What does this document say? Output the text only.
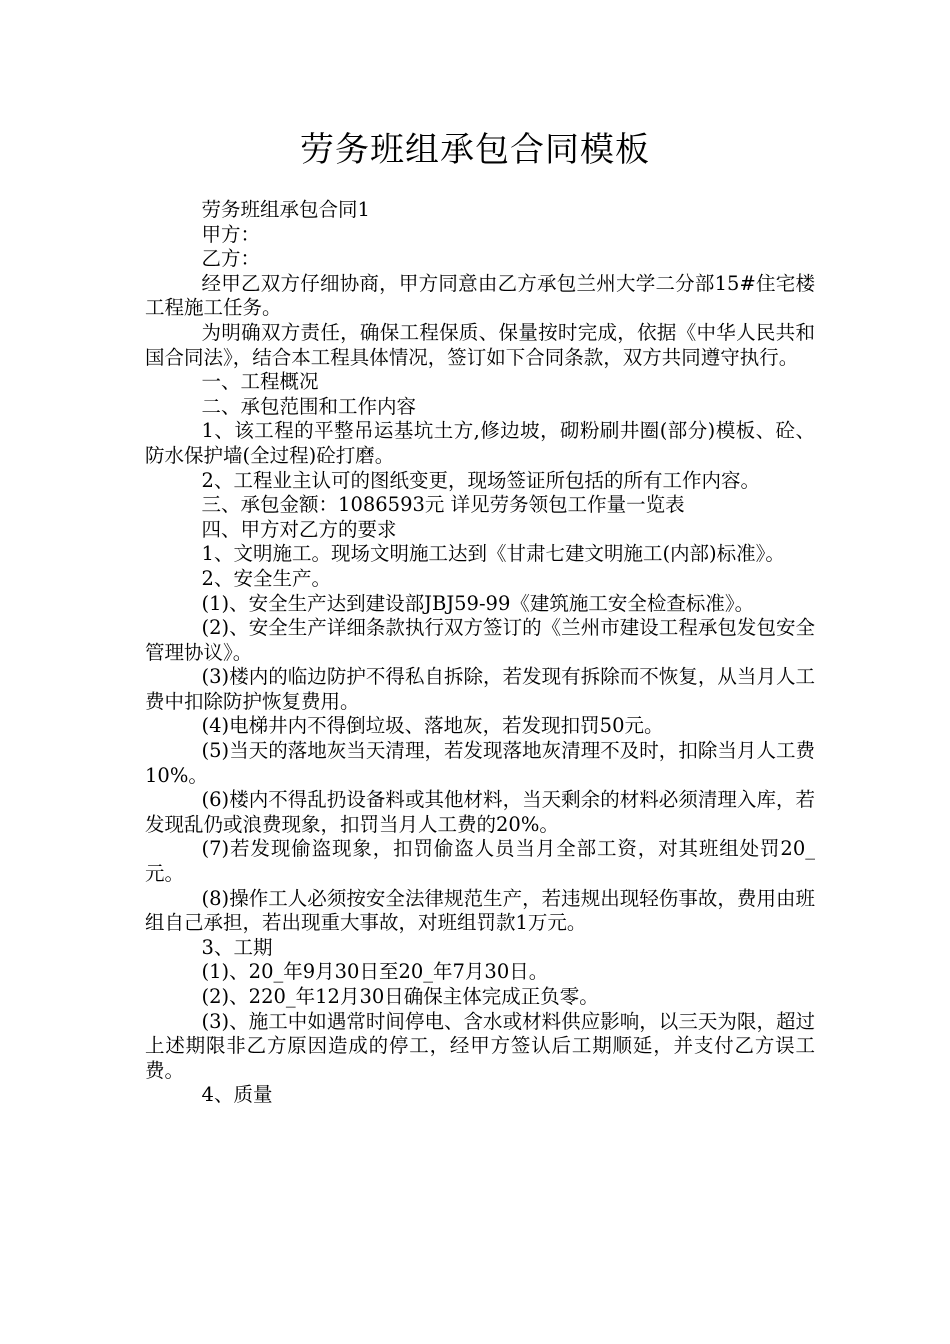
劳务班组承包合同模板

劳务班组承包合同1

甲方：

乙方：

经甲乙双方仔细协商，甲方同意由乙方承包兰州大学二分部15#住宅楼工程施工任务。

为明确双方责任，确保工程保质、保量按时完成，依据《中华人民共和国合同法》，结合本工程具体情况，签订如下合同条款，双方共同遵守执行。

一、工程概况

二、承包范围和工作内容

1、该工程的平整吊运基坑土方,修边坡，砌粉刷井圈(部分)模板、砼、防水保护墙(全过程)砼打磨。

2、工程业主认可的图纸变更，现场签证所包括的所有工作内容。

三、承包金额：1086593元 详见劳务领包工作量一览表

四、甲方对乙方的要求

1、文明施工。现场文明施工达到《甘肃七建文明施工(内部)标准》。

2、安全生产。

(1)、安全生产达到建设部JBJ59-99《建筑施工安全检查标准》。

(2)、安全生产详细条款执行双方签订的《兰州市建设工程承包发包安全管理协议》。

(3)楼内的临边防护不得私自拆除，若发现有拆除而不恢复，从当月人工费中扣除防护恢复费用。

(4)电梯井内不得倒垃圾、落地灰，若发现扣罚50元。

(5)当天的落地灰当天清理，若发现落地灰清理不及时，扣除当月人工费10%。

(6)楼内不得乱扔设备料或其他材料，当天剩余的材料必须清理入库，若发现乱仍或浪费现象，扣罚当月人工费的20%。

(7)若发现偷盗现象，扣罚偷盗人员当月全部工资，对其班组处罚20_元。

(8)操作工人必须按安全法律规范生产，若违规出现轻伤事故，费用由班组自己承担，若出现重大事故，对班组罚款1万元。

3、工期

(1)、20_年9月30日至20_年7月30日。

(2)、220_年12月30日确保主体完成正负零。

(3)、施工中如遇常时间停电、含水或材料供应影响，以三天为限，超过上述期限非乙方原因造成的停工，经甲方签认后工期顺延，并支付乙方误工费。

4、质量
